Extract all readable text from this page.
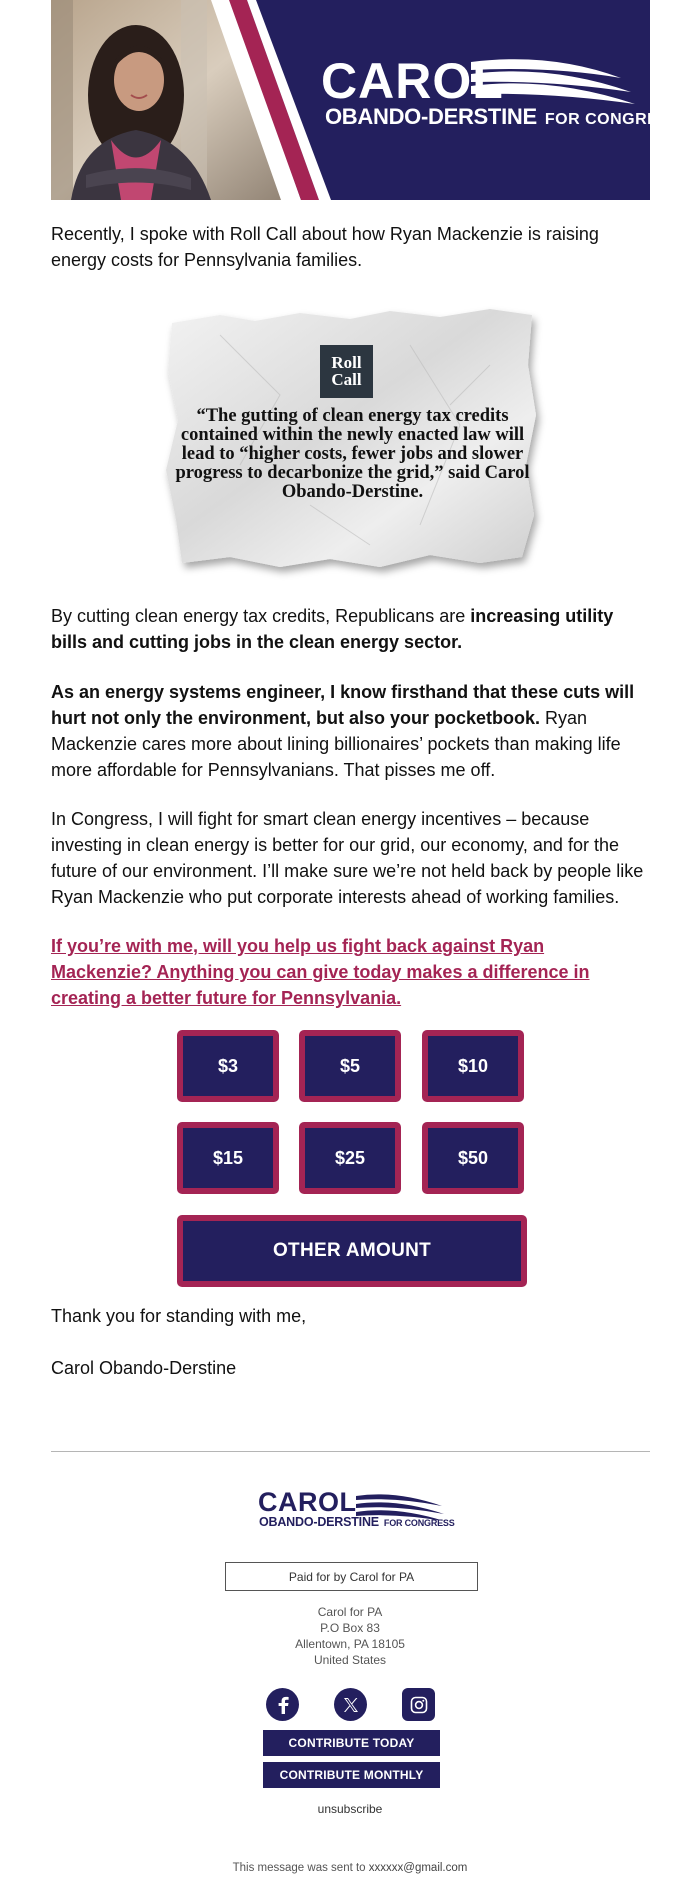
CAROL
OBANDO-DERSTINE FOR CONGRESS
Recently, I spoke with Roll Call about how Ryan Mackenzie is raising energy costs for Pennsylvania families.
Roll
Call
“The gutting of clean energy tax credits contained within the newly enacted law will lead to “higher costs, fewer jobs and slower progress to decarbonize the grid,” said Carol Obando-Derstine.
By cutting clean energy tax credits, Republicans are increasing utility bills and cutting jobs in the clean energy sector.
As an energy systems engineer, I know firsthand that these cuts will hurt not only the environment, but also your pocketbook. Ryan Mackenzie cares more about lining billionaires’ pockets than making life more affordable for Pennsylvanians. That pisses me off.
In Congress, I will fight for smart clean energy incentives – because investing in clean energy is better for our grid, our economy, and for the future of our environment. I’ll make sure we’re not held back by people like Ryan Mackenzie who put corporate interests ahead of working families.
If you’re with me, will you help us fight back against Ryan Mackenzie? Anything you can give today makes a difference in creating a better future for Pennsylvania.
$3	$5	$10
$15	$25	$50
OTHER AMOUNT
Thank you for standing with me,
Carol Obando-Derstine
CAROL
OBANDO-DERSTINE FOR CONGRESS
Paid for by Carol for PA
Carol for PA
P.O Box 83
Allentown, PA 18105
United States
CONTRIBUTE TODAY
CONTRIBUTE MONTHLY
unsubscribe
This message was sent to xxxxxx@gmail.com
